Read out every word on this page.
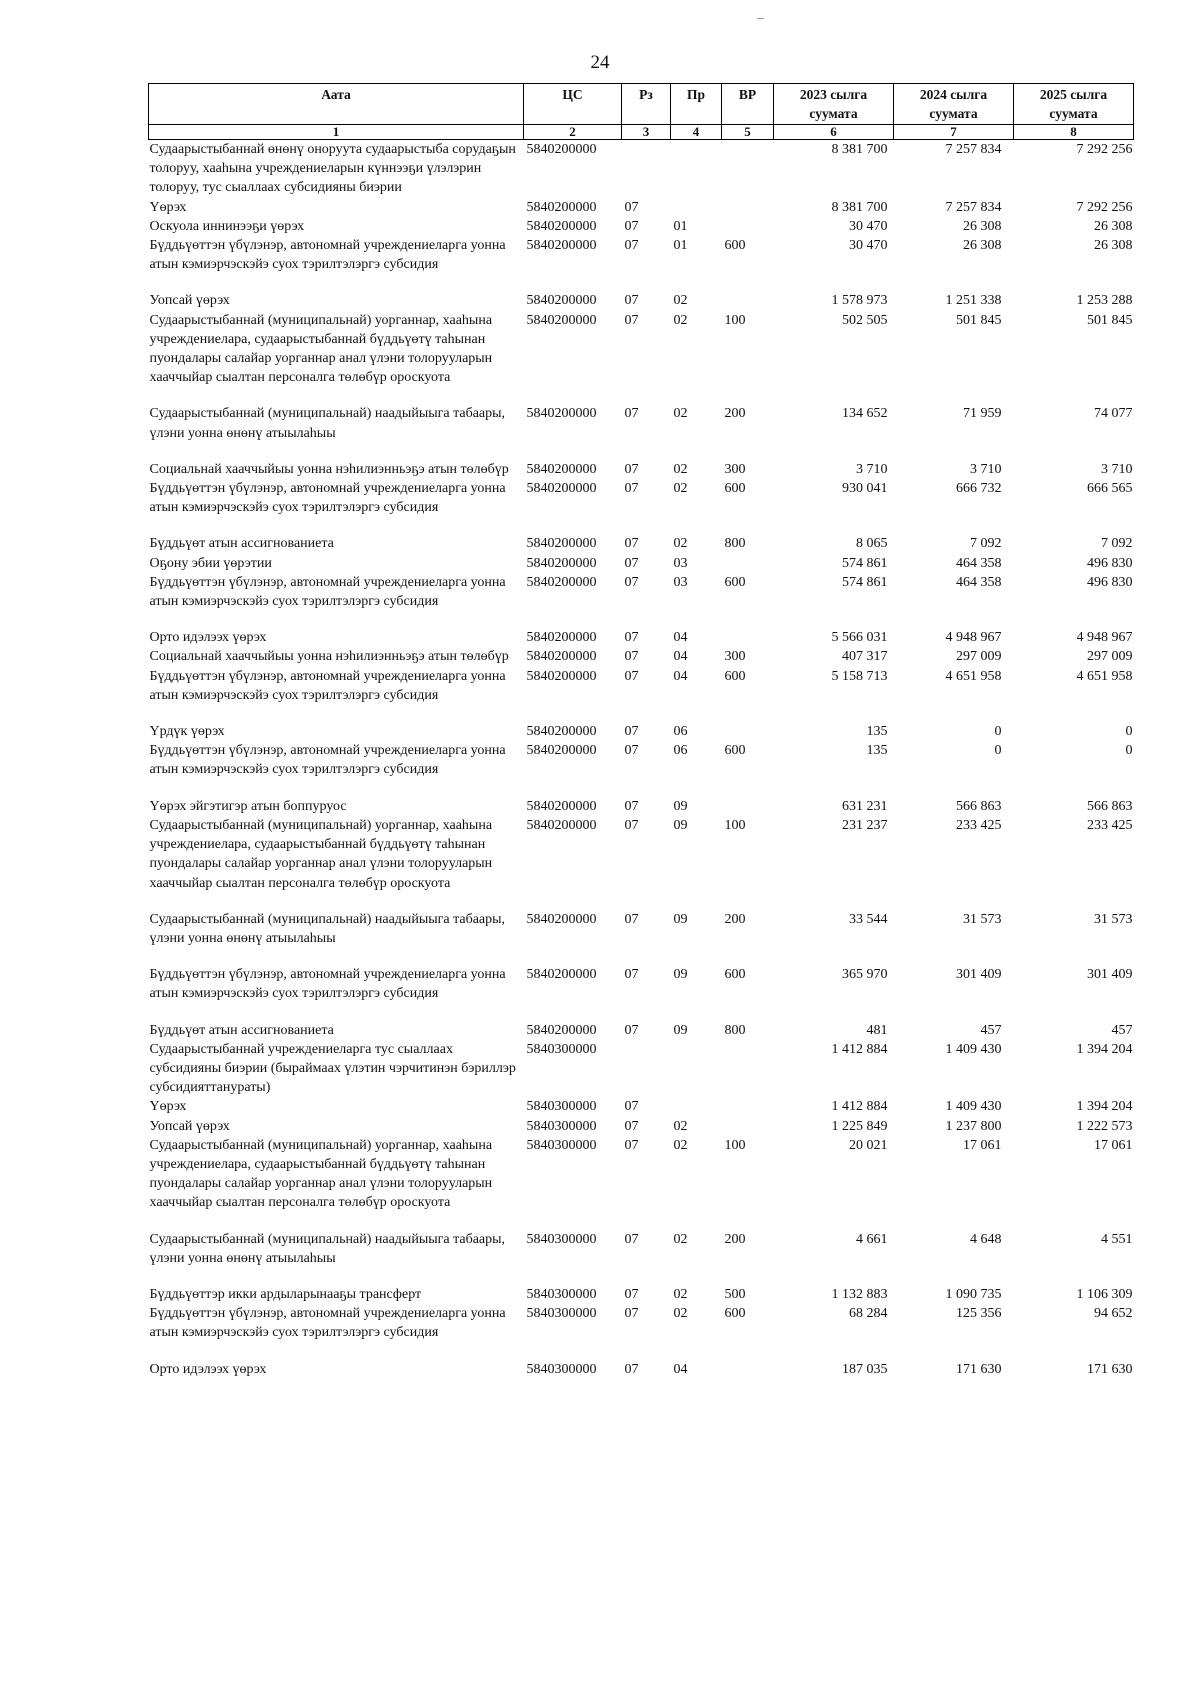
24
Аата	ЦС	Рз	Пр	ВР	2023 сылга суумата	2024 сылга суумата	2025 сылга суумата
1	2	3	4	5	6	7	8
Судаарыстыбаннай өнөнү оноруута судаарыстыба сорудаҕын толоруу, хааһына учреждениеларын күннээҕи үлэлэрин толоруу, тус сыаллаах субсидияны биэрии	5840200000				8 381 700	7 257 834	7 292 256
Үөрэх	5840200000	07			8 381 700	7 257 834	7 292 256
Оскуола иннинээҕи үөрэх	5840200000	07	01		30 470	26 308	26 308
Бүддьүөттэн үбүлэнэр, автономнай учреждениеларга уонна атын кэмиэрчэскэйэ суох тэрилтэлэргэ субсидия	5840200000	07	01	600	30 470	26 308	26 308
Уопсай үөрэх	5840200000	07	02		1 578 973	1 251 338	1 253 288
Судаарыстыбаннай (муниципальнай) уорганнар, хааһына учреждениелара, судаарыстыбаннай бүддьүөтү таһынан пуондалары салайар уорганнар анал үлэни толорууларын хааччыйар сыалтан персоналга төлөбүр ороскуота	5840200000	07	02	100	502 505	501 845	501 845
Судаарыстыбаннай (муниципальнай) наадыйыыга табаары, үлэни уонна өнөнү атыылаһыы	5840200000	07	02	200	134 652	71 959	74 077
Социальнай хааччыйыы уонна нэһилиэнньэҕэ атын төлөбүр	5840200000	07	02	300	3 710	3 710	3 710
Бүддьүөттэн үбүлэнэр, автономнай учреждениеларга уонна атын кэмиэрчэскэйэ суох тэрилтэлэргэ субсидия	5840200000	07	02	600	930 041	666 732	666 565
Бүддьүөт атын ассигнованиета	5840200000	07	02	800	8 065	7 092	7 092
Оҕону эбии үөрэтии	5840200000	07	03		574 861	464 358	496 830
Бүддьүөттэн үбүлэнэр, автономнай учреждениеларга уонна атын кэмиэрчэскэйэ суох тэрилтэлэргэ субсидия	5840200000	07	03	600	574 861	464 358	496 830
Орто идэлээх үөрэх	5840200000	07	04		5 566 031	4 948 967	4 948 967
Социальнай хааччыйыы уонна нэһилиэнньэҕэ атын төлөбүр	5840200000	07	04	300	407 317	297 009	297 009
Бүддьүөттэн үбүлэнэр, автономнай учреждениеларга уонна атын кэмиэрчэскэйэ суох тэрилтэлэргэ субсидия	5840200000	07	04	600	5 158 713	4 651 958	4 651 958
Үрдүк үөрэх	5840200000	07	06		135	0	0
Бүддьүөттэн үбүлэнэр, автономнай учреждениеларга уонна атын кэмиэрчэскэйэ суох тэрилтэлэргэ субсидия	5840200000	07	06	600	135	0	0
Үөрэх эйгэтигэр атын боппуруос	5840200000	07	09		631 231	566 863	566 863
Судаарыстыбаннай (муниципальнай) уорганнар, хааһына учреждениелара, судаарыстыбаннай бүддьүөтү таһынан пуондалары салайар уорганнар анал үлэни толорууларын хааччыйар сыалтан персоналга төлөбүр ороскуота	5840200000	07	09	100	231 237	233 425	233 425
Судаарыстыбаннай (муниципальнай) наадыйыыга табаары, үлэни уонна өнөнү атыылаһыы	5840200000	07	09	200	33 544	31 573	31 573
Бүддьүөттэн үбүлэнэр, автономнай учреждениеларга уонна атын кэмиэрчэскэйэ суох тэрилтэлэргэ субсидия	5840200000	07	09	600	365 970	301 409	301 409
Бүддьүөт атын ассигнованиета	5840200000	07	09	800	481	457	457
Судаарыстыбаннай учреждениеларга тус сыаллаах субсидияны биэрии (быраймаах үлэтин чэрчитинэн бэриллэр субсидияттанураты)	5840300000				1 412 884	1 409 430	1 394 204
Үөрэх	5840300000	07			1 412 884	1 409 430	1 394 204
Уопсай үөрэх	5840300000	07	02		1 225 849	1 237 800	1 222 573
Судаарыстыбаннай (муниципальнай) уорганнар, хааһына учреждениелара, судаарыстыбаннай бүддьүөтү таһынан пуондалары салайар уорганнар анал үлэни толорууларын хааччыйар сыалтан персоналга төлөбүр ороскуота	5840300000	07	02	100	20 021	17 061	17 061
Судаарыстыбаннай (муниципальнай) наадыйыыга табаары, үлэни уонна өнөнү атыылаһыы	5840300000	07	02	200	4 661	4 648	4 551
Бүддьүөттэр икки ардыларынааҕы трансферт	5840300000	07	02	500	1 132 883	1 090 735	1 106 309
Бүддьүөттэн үбүлэнэр, автономнай учреждениеларга уонна атын кэмиэрчэскэйэ суох тэрилтэлэргэ субсидия	5840300000	07	02	600	68 284	125 356	94 652
Орто идэлээх үөрэх	5840300000	07	04		187 035	171 630	171 630
